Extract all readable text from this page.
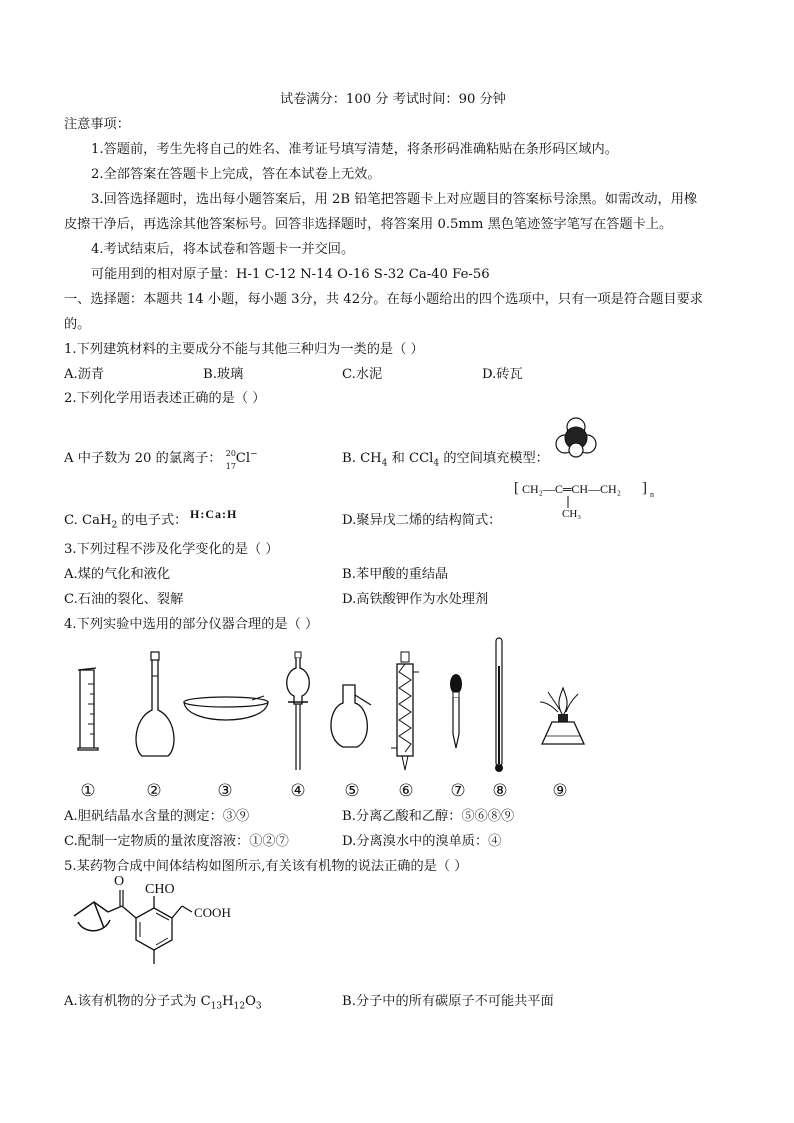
试卷满分：100 分 考试时间：90 分钟
注意事项：
1.答题前，考生先将自己的姓名、准考证号填写清楚，将条形码准确粘贴在条形码区域内。
2.全部答案在答题卡上完成，答在本试卷上无效。
3.回答选择题时，选出每小题答案后，用 2B 铅笔把答题卡上对应题目的答案标号涂黑。如需改动，用橡
皮擦干净后，再选涂其他答案标号。回答非选择题时，将答案用 0.5mm 黑色笔迹签字笔写在答题卡上。
4.考试结束后，将本试卷和答题卡一并交回。
可能用到的相对原子量：H-1 C-12 N-14 O-16 S-32 Ca-40 Fe-56
一、选择题：本题共 14 小题，每小题 3分，共 42分。在每小题给出的四个选项中，只有一项是符合题目要求
的。
1.下列建筑材料的主要成分不能与其他三种归为一类的是（ ）
A.沥青	B.玻璃	C.水泥	D.砖瓦
2.下列化学用语表述正确的是（ ）
A 中子数为 20 的氯离子： 20
17
Cl−	B. $CH_4$ 和 CCl$_4$ 的空间填充模型：
C. CaH$_2$ 的电子式： H:Ca:H	D.聚异戊二烯的结构简式：
[ CH₂—C═CH—CH₂ ] n
CH₃
3.下列过程不涉及化学变化的是（ ）
A.煤的气化和液化	B.苯甲酸的重结晶
C.石油的裂化、裂解	D.高铁酸钾作为水处理剂
4.下列实验中选用的部分仪器合理的是（ ）
①	②	③	④ ⑤ ⑥ ⑦ ⑧	⑨
A.胆矾结晶水含量的测定：③⑨	B.分离乙酸和乙醇：⑤⑥⑧⑨
C.配制一定物质的量浓度溶液：①②⑦	D.分离溴水中的溴单质：④
5.某药物合成中间体结构如图所示,有关该有机物的说法正确的是（ ）
O
CHO
COOH
A.该有机物的分子式为 $C_{13}H_{12}O_3$	B.分子中的所有碳原子不可能共平面
